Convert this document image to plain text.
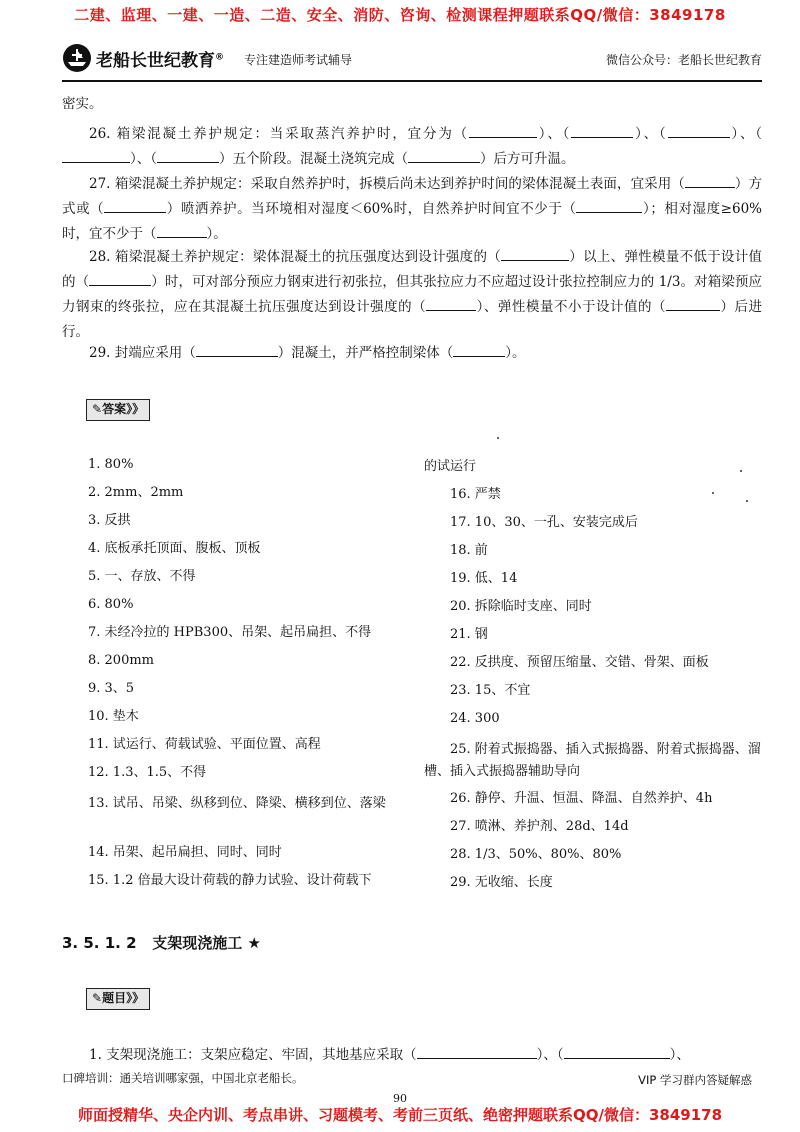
二建、监理、一建、一造、二造、安全、消防、咨询、检测课程押题联系QQ/微信：3849178
老船长世纪教育® 专注建造师考试辅导	微信公众号：老船长世纪教育
密实。
26. 箱梁混凝土养护规定：当采取蒸汽养护时，宜分为（	）、（	）、（	）、（）、（	）五个阶段。混凝土浇筑完成（	）后方可升温。
27. 箱梁混凝土养护规定：采取自然养护时，拆模后尚未达到养护时间的梁体混凝土表面，宜采用（	）方式或（	）喷洒养护。当环境相对湿度＜60%时，自然养护时间宜不少于（	）；相对湿度≥60%时，宜不少于（	）。
28. 箱梁混凝土养护规定：梁体混凝土的抗压强度达到设计强度的（	）以上、弹性模量不低于设计值的（	）时，可对部分预应力钢束进行初张拉，但其张拉应力不应超过设计张拉控制应力的 1/3。对箱梁预应力钢束的终张拉，应在其混凝土抗压强度达到设计强度的（	）、弹性模量不小于设计值的（	）后进行。
29. 封端应采用（	）混凝土，并严格控制梁体（	）。
✎答案》》
1. 80%
2. 2mm、2mm
3. 反拱
4. 底板承托顶面、腹板、顶板
5. 一、存放、不得
6. 80%
7. 未经冷拉的 HPB300、吊架、起吊扁担、不得
8. 200mm
9. 3、5
10. 垫木
11. 试运行、荷载试验、平面位置、高程
12. 1.3、1.5、不得
13. 试吊、吊梁、纵移到位、降梁、横移到位、落梁
14. 吊架、起吊扁担、同时、同时
15. 1.2 倍最大设计荷载的静力试验、设计荷载下
的试运行
16. 严禁
17. 10、30、一孔、安装完成后
18. 前
19. 低、14
20. 拆除临时支座、同时
21. 钢
22. 反拱度、预留压缩量、交错、骨架、面板
23. 15、不宜
24. 300
25. 附着式振捣器、插入式振捣器、附着式振捣器、溜槽、插入式振捣器辅助导向
26. 静停、升温、恒温、降温、自然养护、4h
27. 喷淋、养护剂、28d、14d
28. 1/3、50%、80%、80%
29. 无收缩、长度
3. 5. 1. 2 支架现浇施工 ★
✎题目》》
1. 支架现浇施工：支架应稳定、牢固，其地基应采取（	）、（	）、
口碑培训：通关培训哪家强，中国北京老船长。	VIP 学习群内答疑解惑
90
师面授精华、央企内训、考点串讲、习题模考、考前三页纸、绝密押题联系QQ/微信：3849178
